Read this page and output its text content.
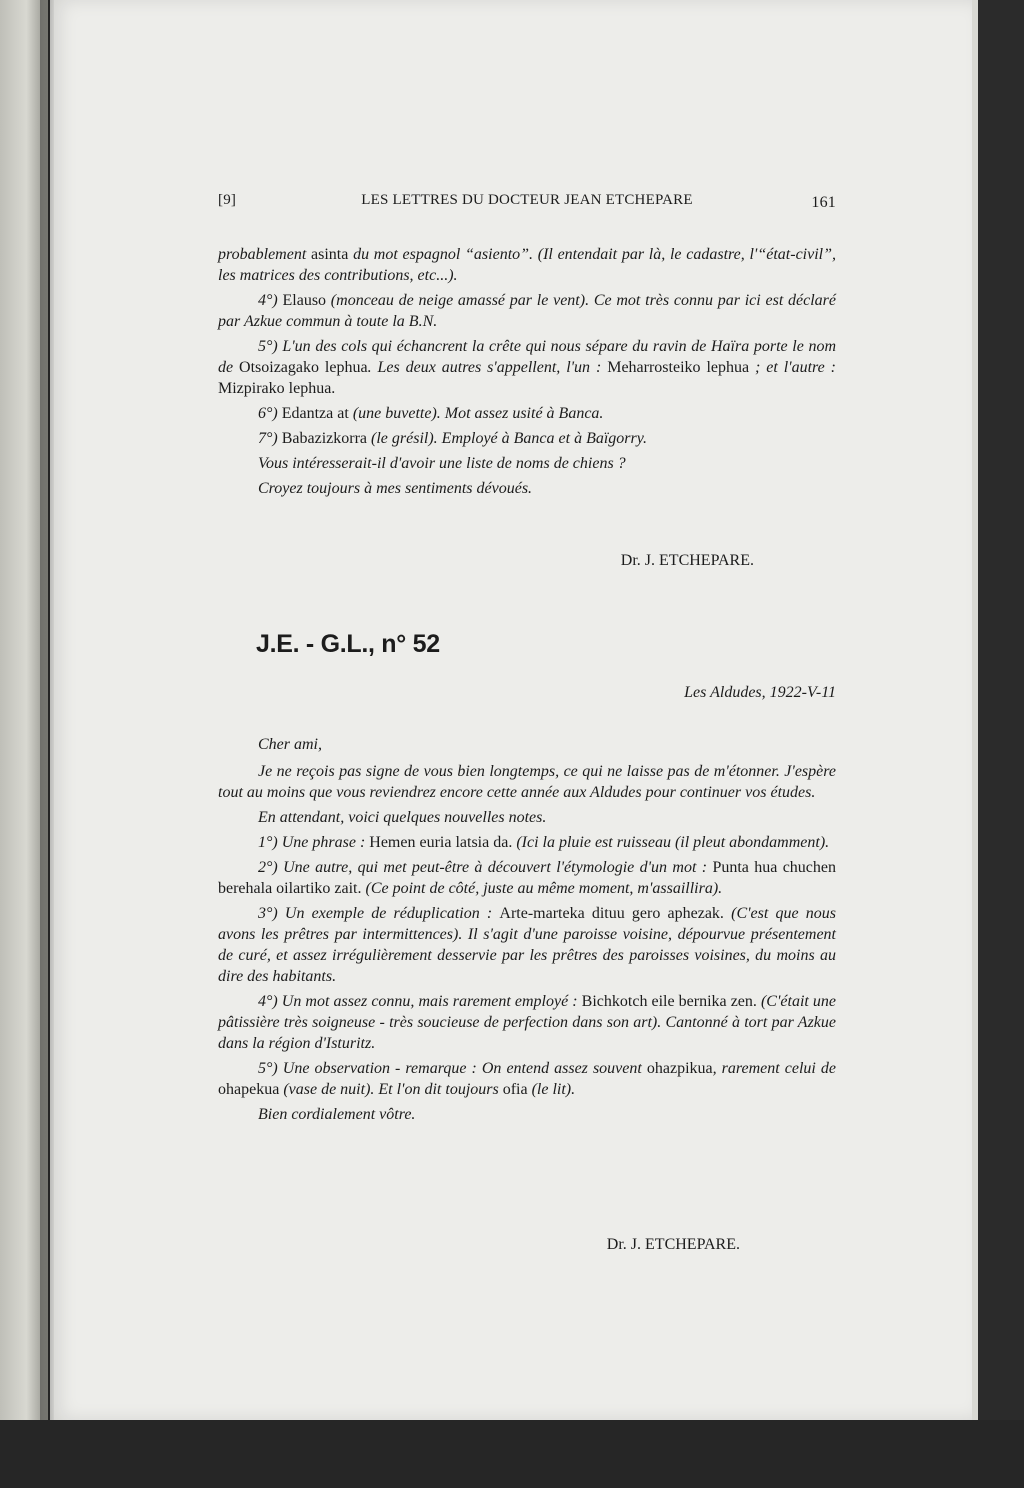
[9]	LES LETTRES DU DOCTEUR JEAN ETCHEPARE	161

probablement asinta du mot espagnol “asiento”. (Il entendait par là, le cadastre, l'“état-civil”, les matrices des contributions, etc...).

4°) Elauso (monceau de neige amassé par le vent). Ce mot très connu par ici est déclaré par Azkue commun à toute la B.N.

5°) L'un des cols qui échancrent la crête qui nous sépare du ravin de Haïra porte le nom de Otsoizagako lephua. Les deux autres s'appellent, l'un : Meharrosteiko lephua ; et l'autre : Mizpirako lephua.

6°) Edantza at (une buvette). Mot assez usité à Banca.

7°) Babazizkorra (le grésil). Employé à Banca et à Baïgorry.

Vous intéresserait-il d'avoir une liste de noms de chiens ?

Croyez toujours à mes sentiments dévoués.

Dr. J. ETCHEPARE.
J.E. - G.L., n° 52
Les Aldudes, 1922-V-11

Cher ami,

Je ne reçois pas signe de vous bien longtemps, ce qui ne laisse pas de m'étonner. J'espère tout au moins que vous reviendrez encore cette année aux Aldudes pour continuer vos études.

En attendant, voici quelques nouvelles notes.

1°) Une phrase : Hemen euria latsia da. (Ici la pluie est ruisseau (il pleut abondamment).

2°) Une autre, qui met peut-être à découvert l'étymologie d'un mot : Punta hua chuchen berehala oilartiko zait. (Ce point de côté, juste au même moment, m'assaillira).

3°) Un exemple de réduplication : Arte-marteka dituu gero aphezak. (C'est que nous avons les prêtres par intermittences). Il s'agit d'une paroisse voisine, dépourvue présentement de curé, et assez irrégulièrement desservie par les prêtres des paroisses voisines, du moins au dire des habitants.

4°) Un mot assez connu, mais rarement employé : Bichkotch eile bernika zen. (C'était une pâtissière très soigneuse - très soucieuse de perfection dans son art). Cantonné à tort par Azkue dans la région d'Isturitz.

5°) Une observation - remarque : On entend assez souvent ohazpikua, rarement celui de ohapekua (vase de nuit). Et l'on dit toujours ofia (le lit).

Bien cordialement vôtre.

Dr. J. ETCHEPARE.
